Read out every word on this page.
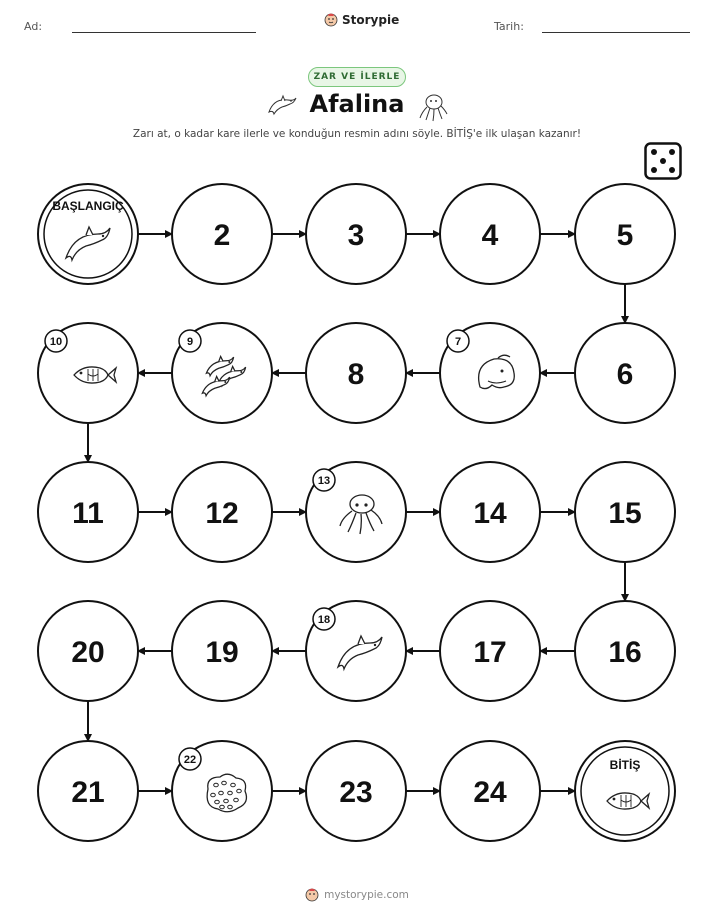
Ad:	Storypie	Tarih:
ZAR VE İLERLE
Afalina
Zarı at, o kadar kare ilerle ve konduğun resmin adını söyle. BİTİŞ'e ilk ulaşan kazanır!
BAŞLANGIÇ
2	3	4	5
6
7
8
9
10
11	12
13
14	15
16
17
18
19
20
21
22
23	24
BİTİŞ
mystorypie.com
